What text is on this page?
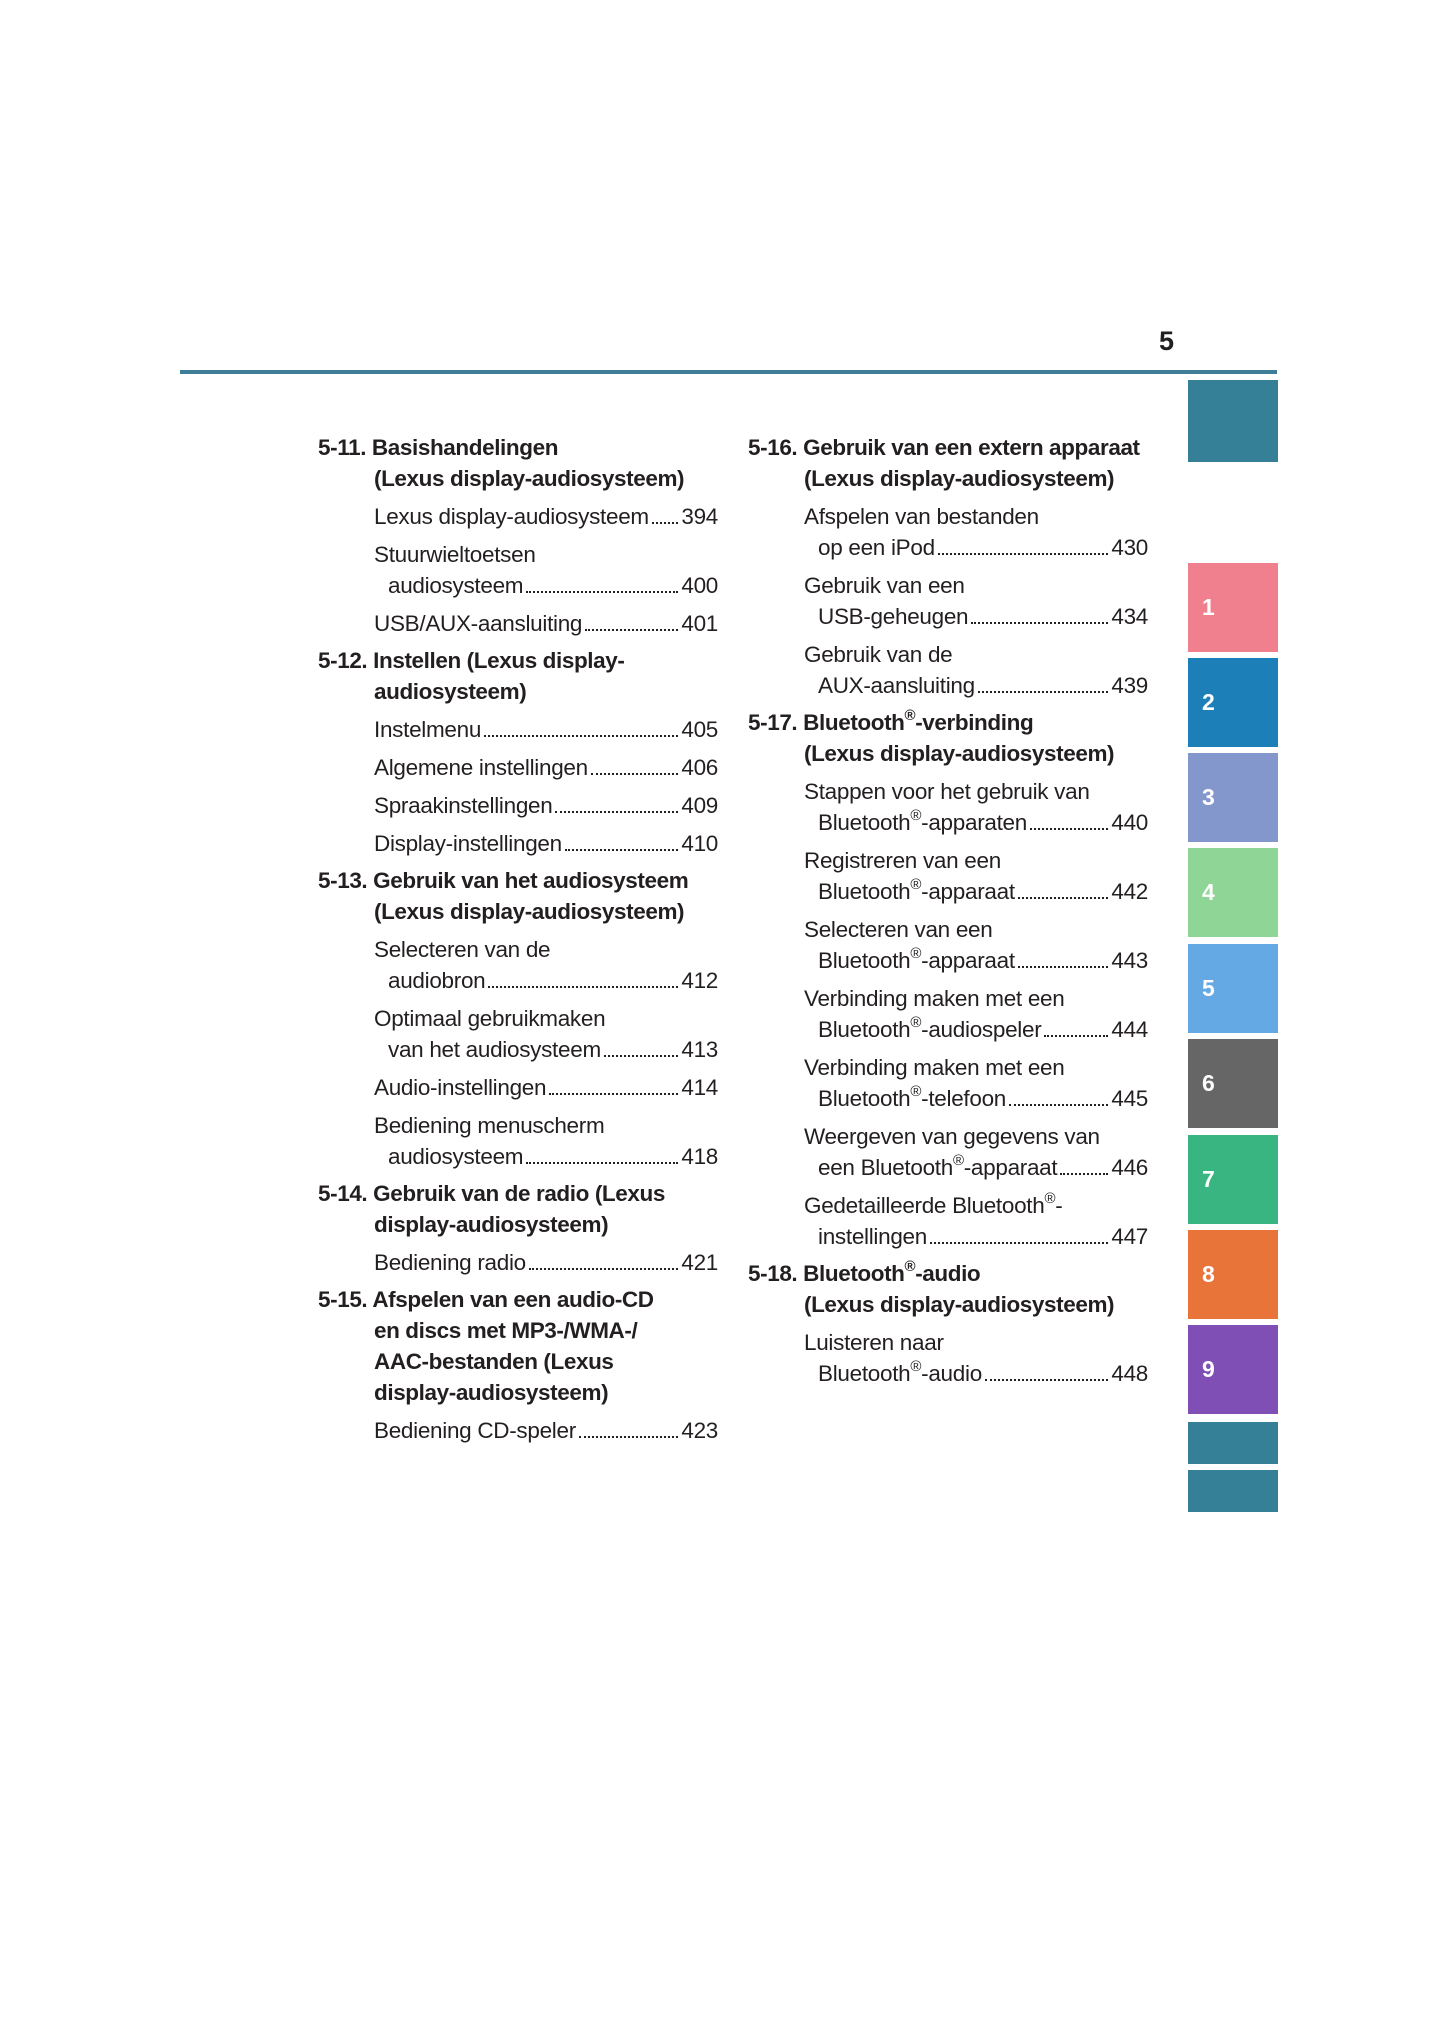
5
5-11. Basishandelingen
(Lexus display-audiosysteem)
Lexus display-audiosysteem 394
Stuurwieltoetsen
audiosysteem	400
USB/AUX-aansluiting	401
5-12. Instellen (Lexus display-
audiosysteem)
Instelmenu	405
Algemene instellingen	406
Spraakinstellingen	409
Display-instellingen	410
5-13. Gebruik van het audiosysteem
(Lexus display-audiosysteem)
Selecteren van de
audiobron	412
Optimaal gebruikmaken
van het audiosysteem	413
Audio-instellingen	414
Bediening menuscherm
audiosysteem	418
5-14. Gebruik van de radio (Lexus
display-audiosysteem)
Bediening radio	421
5-15. Afspelen van een audio-CD
en discs met MP3-/WMA-/
AAC-bestanden (Lexus
display-audiosysteem)
Bediening CD-speler	423
5-16. Gebruik van een extern apparaat
(Lexus display-audiosysteem)
Afspelen van bestanden
op een iPod	430
Gebruik van een
USB-geheugen	434
Gebruik van de
AUX-aansluiting	439
5-17. Bluetooth®-verbinding
(Lexus display-audiosysteem)
Stappen voor het gebruik van
Bluetooth®-apparaten	440
Registreren van een
Bluetooth®-apparaat	442
Selecteren van een
Bluetooth®-apparaat	443
Verbinding maken met een
Bluetooth®-audiospeler	444
Verbinding maken met een
Bluetooth®-telefoon	445
Weergeven van gegevens van
een Bluetooth®-apparaat 446
Gedetailleerde Bluetooth®-
instellingen	447
5-18. Bluetooth®-audio
(Lexus display-audiosysteem)
Luisteren naar
Bluetooth®-audio	448
1
2
3
4
5
6
7
8
9
